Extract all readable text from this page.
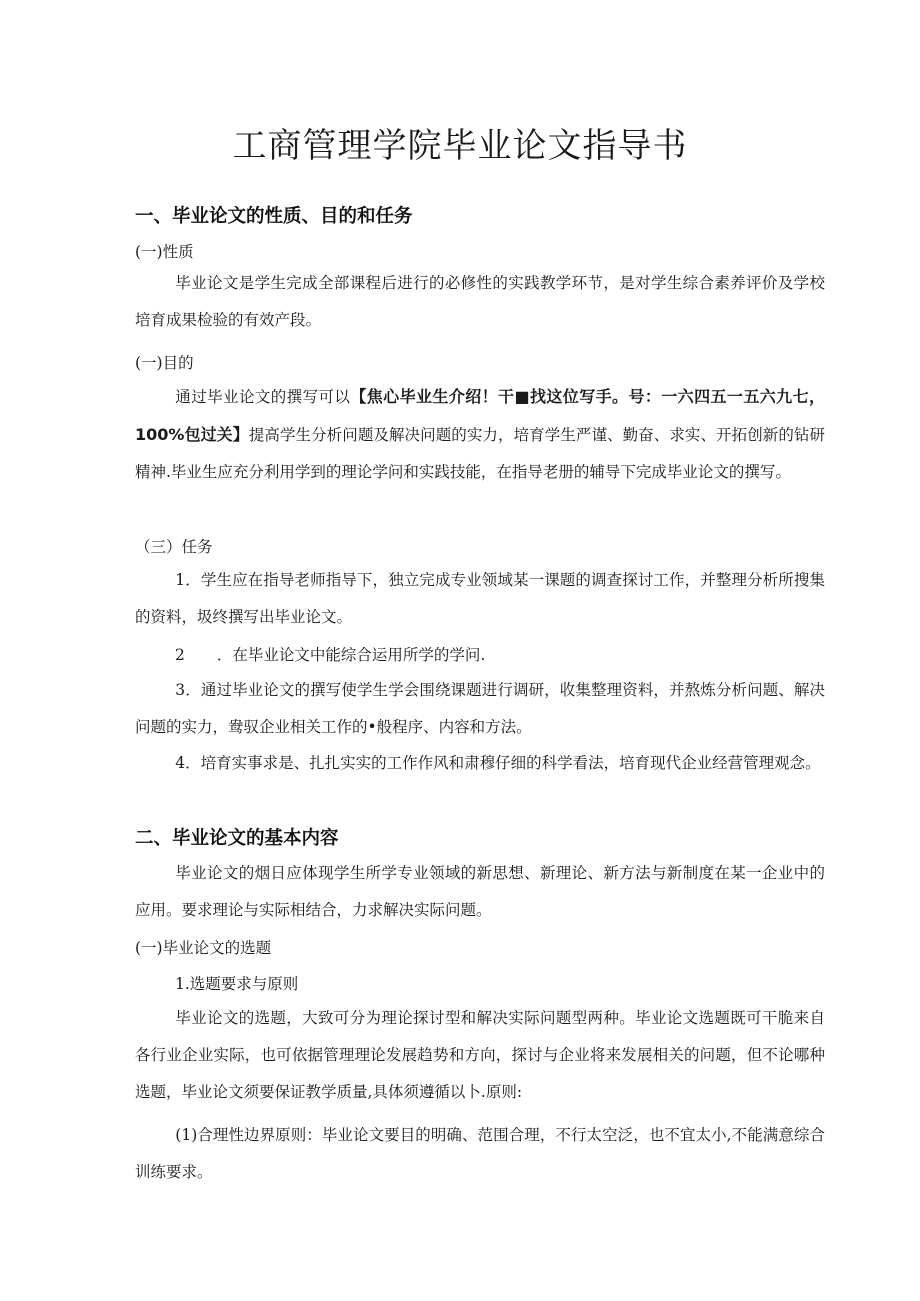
工商管理学院毕业论文指导书
一、毕业论文的性质、目的和任务
(一)性质

毕业论文是学生完成全部课程后进行的必修性的实践教学环节，是对学生综合素养评价及学校培育成果检验的有效产段。

(一)目的

通过毕业论文的撰写可以【焦心毕业生介绍！干■找这位写手。号：一六四五一五六九七，100%包过关】提高学生分析问题及解决问题的实力，培育学生严谨、勤奋、求实、开拓创新的钻研精神.毕业生应充分利用学到的理论学问和实践技能，在指导老册的辅导下完成毕业论文的撰写。

（三）任务

1．学生应在指导老师指导下，独立完成专业领域某一课题的调查探讨工作，并整理分析所搜集的资料，圾终撰写出毕业论文。

2 ．在毕业论文中能综合运用所学的学问.

3．通过毕业论文的撰写使学生学会围绕课题进行调研，收集整理资料，并熬炼分析问题、解决问题的实力，鸯驭企业相关工作的•般程序、内容和方法。

4．培育实事求是、扎扎实实的工作作风和肃穆仔细的科学看法，培育现代企业经营管理观念。

二、毕业论文的基本内容

毕业论文的烟日应体现学生所学专业领域的新思想、新理论、新方法与新制度在某一企业中的应用。要求理论与实际相结合，力求解决实际问题。

(一)毕业论文的选题
1.选题要求与原则

毕业论文的选题，大致可分为理论探讨型和解决实际问题型两种。毕业论文选题既可干脆来自各行业企业实际，也可依据管理理论发展趋势和方向，探讨与企业将来发展相关的问题，但不论哪种选题，毕业论文须要保证教学质量,具体须遵循以卜.原则:

(1)合理性边界原则：毕业论文要目的明确、范围合理，不行太空泛，也不宜太小,不能满意综合训练要求。
